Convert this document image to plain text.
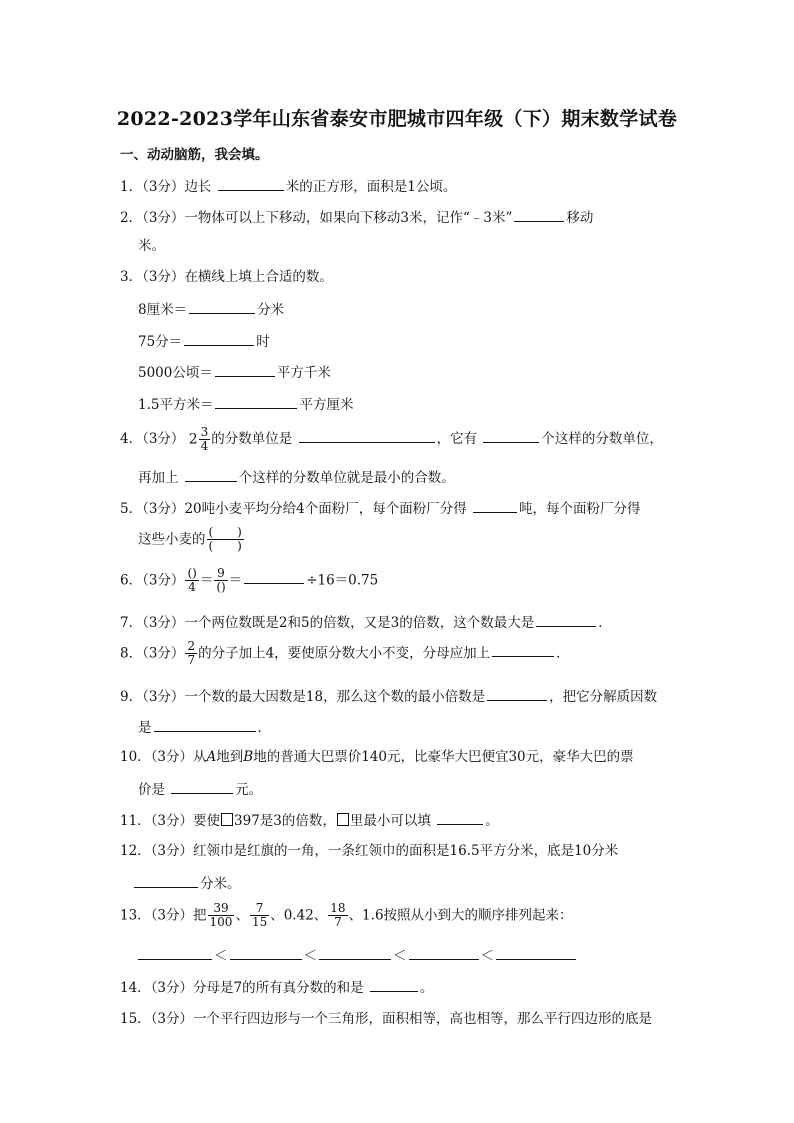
2022-2023学年山东省泰安市肥城市四年级（下）期末数学试卷
一、动动脑筋，我会填。
1．（3分）边长	米的正方形，面积是1公顷。
2．（3分）一物体可以上下移动，如果向下移动3米，记作“﹣3米”	移动
米。
3．（3分）在横线上填上合适的数。
8厘米＝	分米
75分＝	时
5000公顷＝	平方千米
1.5平方米＝	平方厘米
4．（3分） $2 \frac{3}{4}$ 的分数单位是	，它有	个这样的分数单位，
再加上	个这样的分数单位就是最小的合数。
5．（3分）20吨小麦平均分给4个面粉厂，每个面粉厂分得	吨，每个面粉厂分得
这些小麦的 $\frac{( )}{( )}$
6．（3分） $\frac{()}{4} = \frac{9}{()}$ ＝	÷16＝0.75
7．（3分）一个两位数既是2和5的倍数，又是3的倍数，这个数最大是	．
8．（3分） $\frac{2}{7}$ 的分子加上4，要使原分数大小不变，分母应加上	．
9．（3分）一个数的最大因数是18，那么这个数的最小倍数是	，把它分解质因数
是	．
10．（3分）从A地到B地的普通大巴票价140元，比豪华大巴便宜30元，豪华大巴的票
价是	元。
11．（3分）要使 397是3的倍数， 里最小可以填	。
12．（3分）红领巾是红旗的一角，一条红领巾的面积是16.5平方分米，底是10分米
分米。
13．（3分）把 $\frac{39}{100}$ 、 $\frac{7}{15}$ 、0.42、 $\frac{18}{7}$ 、1.6按照从小到大的顺序排列起来：
＜	＜	＜	＜
14．（3分）分母是7的所有真分数的和是	。
15．（3分）一个平行四边形与一个三角形，面积相等，高也相等，那么平行四边形的底是
